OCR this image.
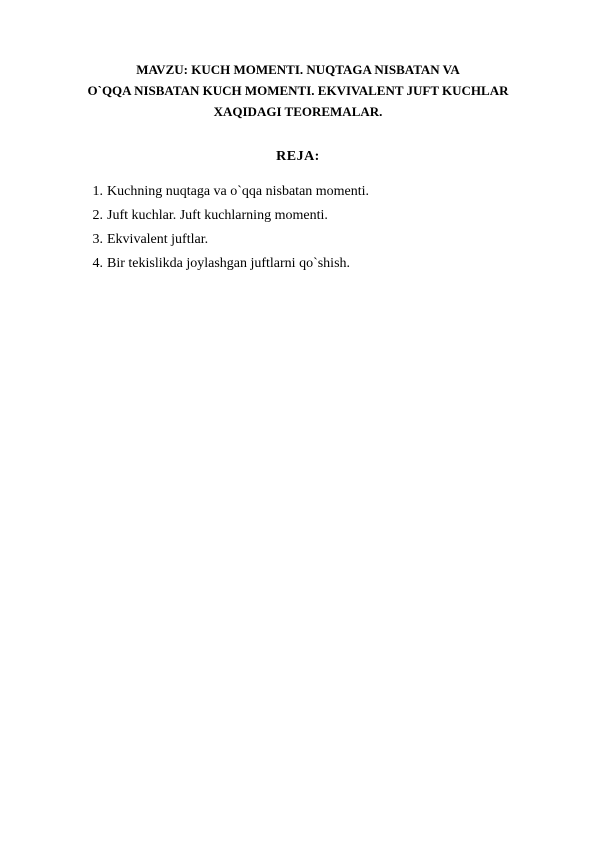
MAVZU: KUCH MOMENTI. NUQTAGA NISBATAN VA
O`QQA NISBATAN KUCH MOMENTI. EKVIVALENT JUFT KUCHLAR
XAQIDAGI TEOREMALAR.
REJA:
1. Kuchning nuqtaga va o`qqa nisbatan momenti.
2. Juft kuchlar. Juft kuchlarning momenti.
3. Ekvivalent juftlar.
4. Bir tekislikda joylashgan juftlarni qo`shish.
